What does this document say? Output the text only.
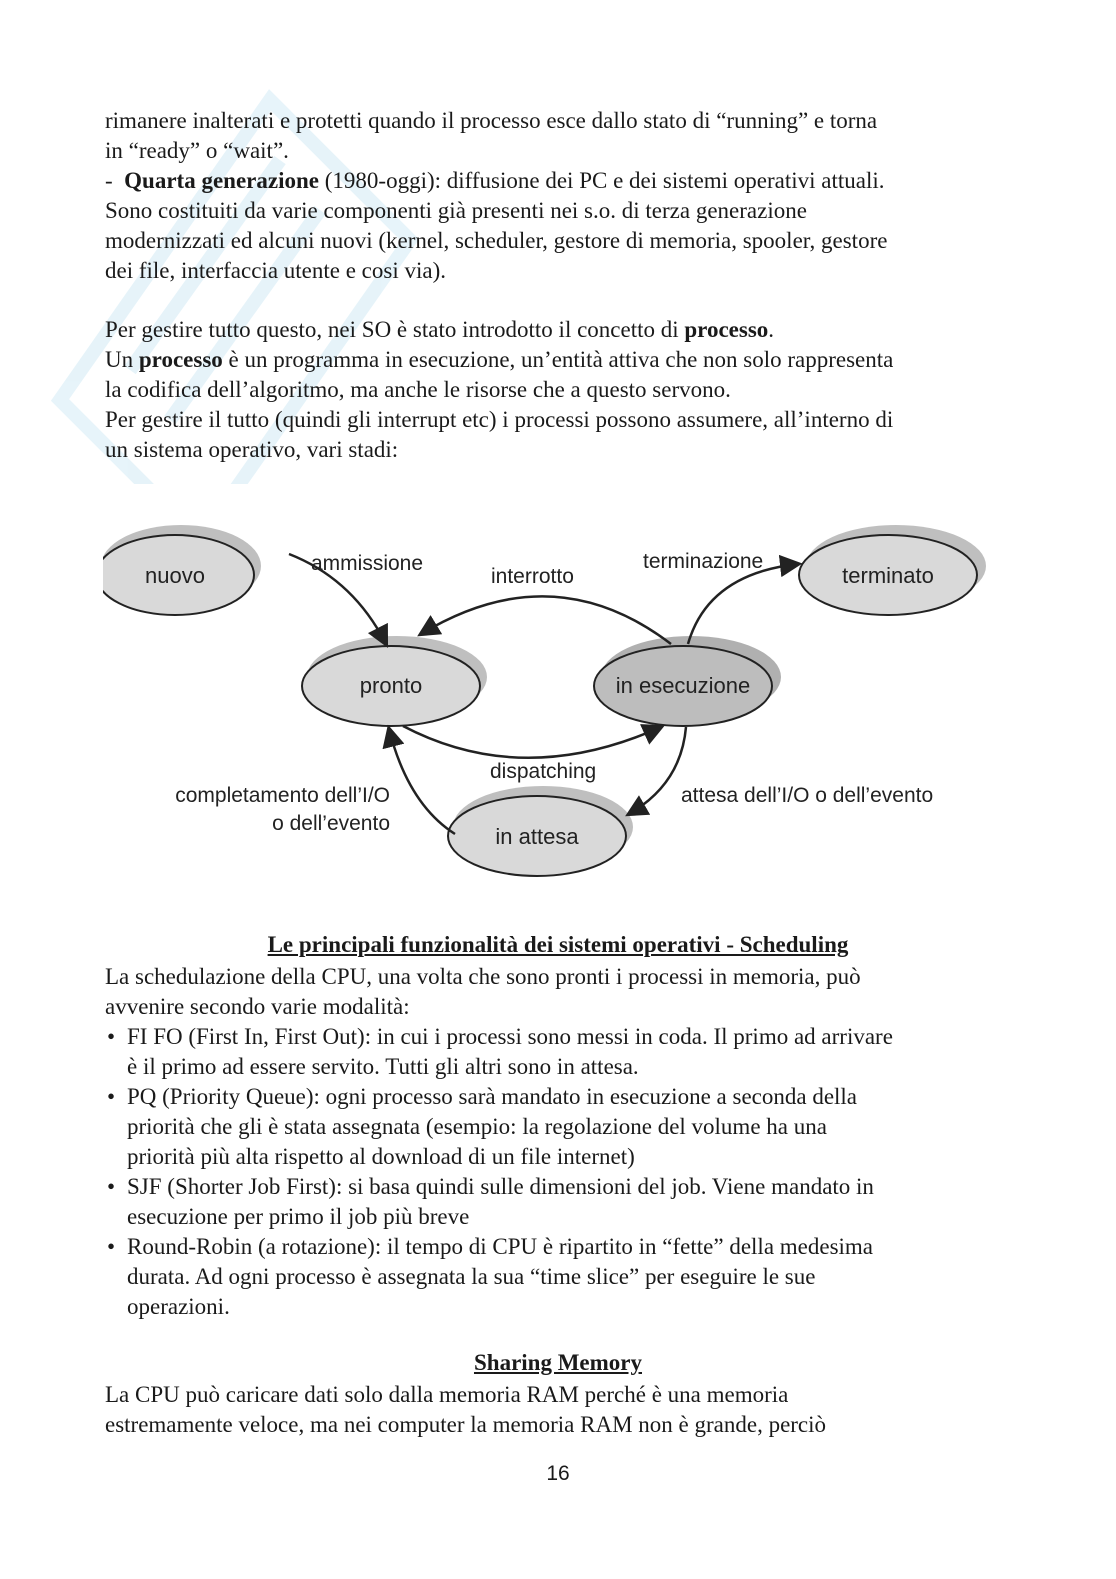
rimanere inalterati e protetti quando il processo esce dallo stato di “running” e torna

in “ready” o “wait”.

- Quarta generazione (1980-oggi): diffusione dei PC e dei sistemi operativi attuali.

Sono costituiti da varie componenti già presenti nei s.o. di terza generazione

modernizzati ed alcuni nuovi (kernel, scheduler, gestore di memoria, spooler, gestore

dei file, interfaccia utente e cosi via).

Per gestire tutto questo, nei SO è stato introdotto il concetto di processo.

Un processo è un programma in esecuzione, un’entità attiva che non solo rappresenta

la codifica dell’algoritmo, ma anche le risorse che a questo servono.

Per gestire il tutto (quindi gli interrupt etc) i processi possono assumere, all’interno di

un sistema operativo, vari stadi:

nuovo
pronto	in esecuzione
terminato
in attesa
ammissione
interrotto
terminazione
dispatching
completamento dell’I/O
o dell’evento
attesa dell’I/O o dell’evento
Le principali funzionalità dei sistemi operativi - Scheduling

La schedulazione della CPU, una volta che sono pronti i processi in memoria, può

avvenire secondo varie modalità:

• FI FO (First In, First Out): in cui i processi sono messi in coda. Il primo ad arrivare
è il primo ad essere servito. Tutti gli altri sono in attesa.
• PQ (Priority Queue): ogni processo sarà mandato in esecuzione a seconda della
priorità che gli è stata assegnata (esempio: la regolazione del volume ha una
priorità più alta rispetto al download di un file internet)
• SJF (Shorter Job First): si basa quindi sulle dimensioni del job. Viene mandato in
esecuzione per primo il job più breve
• Round-Robin (a rotazione): il tempo di CPU è ripartito in “fette” della medesima
durata. Ad ogni processo è assegnata la sua “time slice” per eseguire le sue
operazioni.
Sharing Memory

La CPU può caricare dati solo dalla memoria RAM perché è una memoria

estremamente veloce, ma nei computer la memoria RAM non è grande, perciò

16
